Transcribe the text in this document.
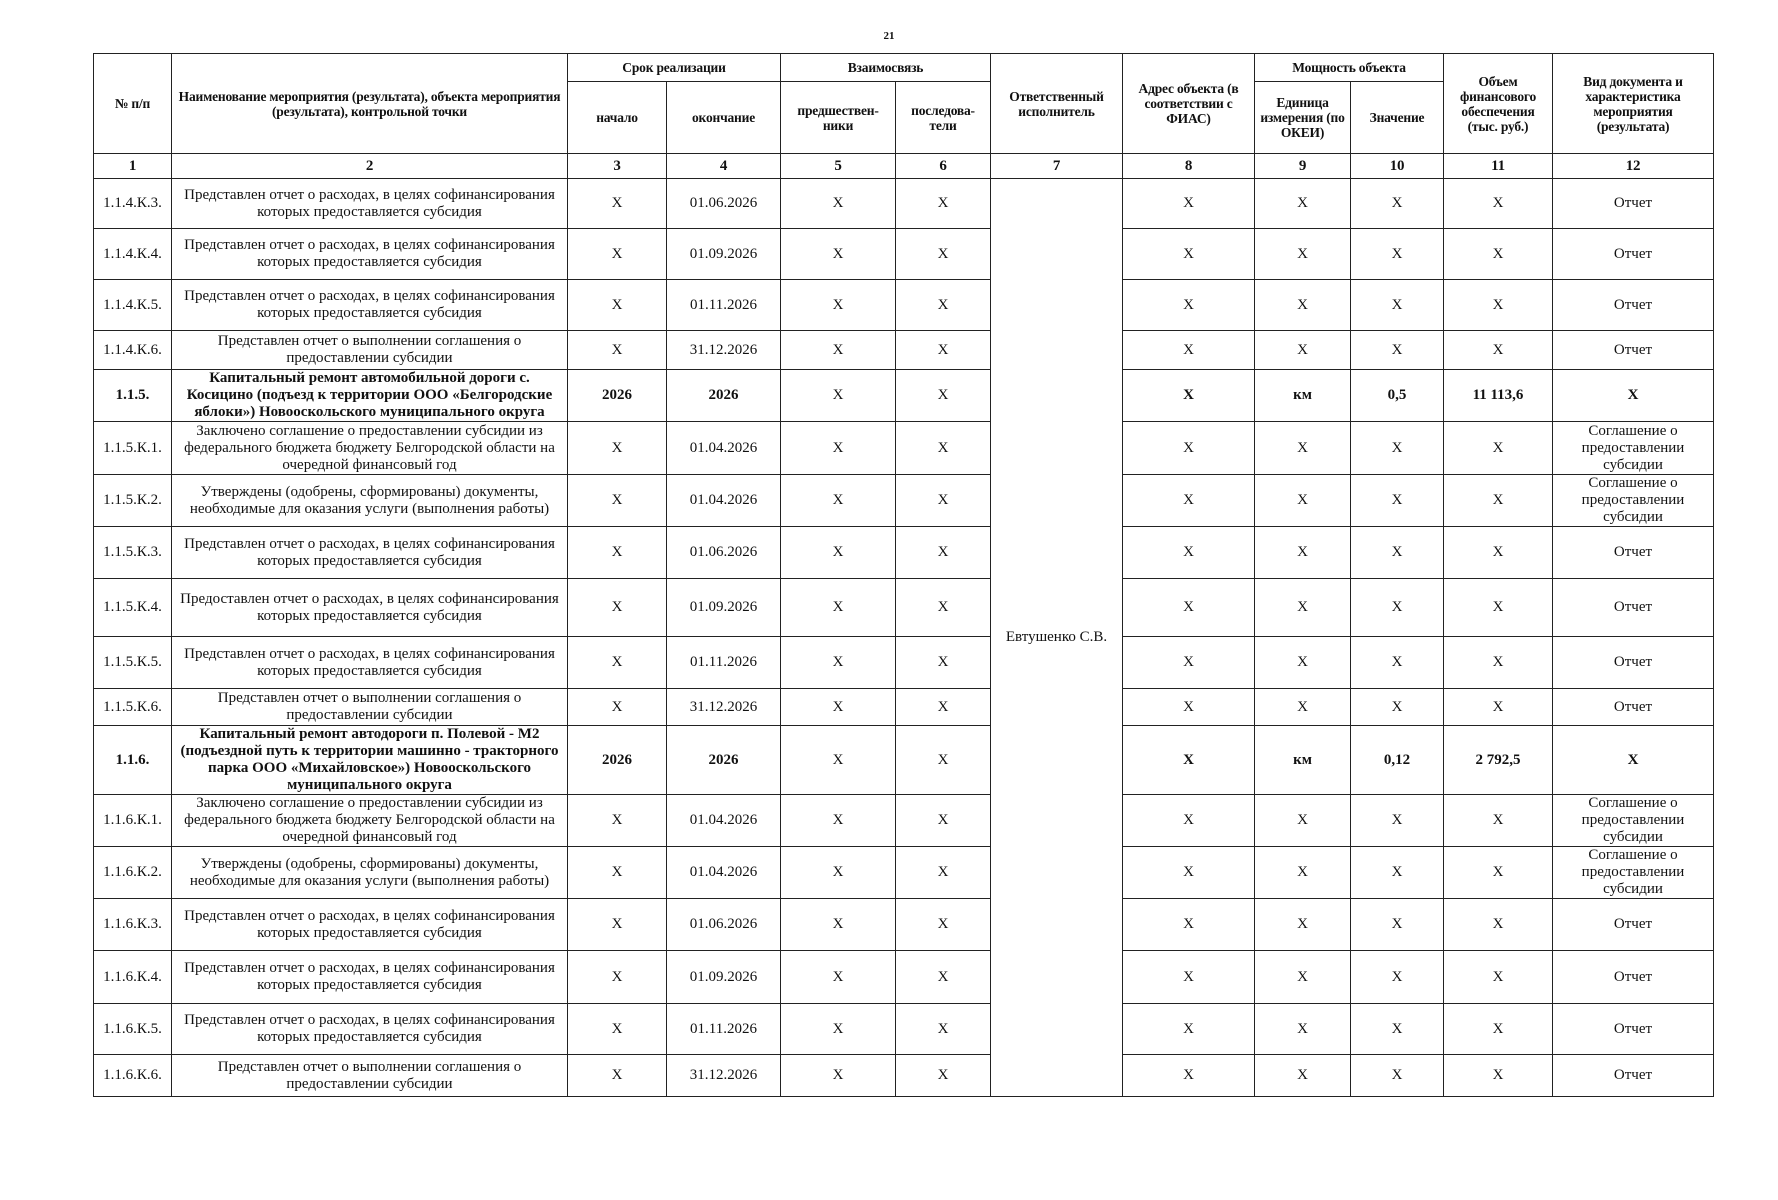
21
№ п/п	Наименование мероприятия (результата), объекта мероприятия (результата), контрольной точки	Срок реализации		Взаимосвязь		Ответственный исполнитель	Адрес объекта (в соответствии с ФИАС)	Мощность объекта		Объем финансового обеспечения (тыс. руб.)	Вид документа и характеристика мероприятия (результата)
		начало	окончание	предшествен-ники	последова-тели			Единица измерения (по ОКЕИ)	Значение		
1	2	3	4	5	6	7	8	9	10	11	12
1.1.4.К.3.	Представлен отчет о расходах, в целях софинансирования которых предоставляется субсидия	X	01.06.2026	X	X	Евтушенко С.В.	X	X	X	X	Отчет
1.1.4.К.4.	Представлен отчет о расходах, в целях софинансирования которых предоставляется субсидия	X	01.09.2026	X	X		X	X	X	X	Отчет
1.1.4.К.5.	Представлен отчет о расходах, в целях софинансирования которых предоставляется субсидия	X	01.11.2026	X	X		X	X	X	X	Отчет
1.1.4.К.6.	Представлен отчет о выполнении соглашения о предоставлении субсидии	X	31.12.2026	X	X		X	X	X	X	Отчет
1.1.5.	Капитальный ремонт автомобильной дороги с. Косицино (подъезд к территории ООО «Белгородские яблоки») Новооскольского муниципального округа	2026	2026	X	X		X	км	0,5	11 113,6	X
1.1.5.К.1.	Заключено соглашение о предоставлении субсидии из федерального бюджета бюджету Белгородской области на очередной финансовый год	X	01.04.2026	X	X		X	X	X	X	Соглашение о предоставлении субсидии
1.1.5.К.2.	Утверждены (одобрены, сформированы) документы, необходимые для оказания услуги (выполнения работы)	X	01.04.2026	X	X		X	X	X	X	Соглашение о предоставлении субсидии
1.1.5.К.3.	Представлен отчет о расходах, в целях софинансирования которых предоставляется субсидия	X	01.06.2026	X	X		X	X	X	X	Отчет
1.1.5.К.4.	Предоставлен отчет о расходах, в целях софинансирования которых предоставляется субсидия	X	01.09.2026	X	X		X	X	X	X	Отчет
1.1.5.К.5.	Представлен отчет о расходах, в целях софинансирования которых предоставляется субсидия	X	01.11.2026	X	X		X	X	X	X	Отчет
1.1.5.К.6.	Представлен отчет о выполнении соглашения о предоставлении субсидии	X	31.12.2026	X	X		X	X	X	X	Отчет
1.1.6.	Капитальный ремонт автодороги п. Полевой - М2 (подъездной путь к территории машинно - тракторного парка ООО «Михайловское») Новооскольского муниципального округа	2026	2026	X	X		X	км	0,12	2 792,5	X
1.1.6.К.1.	Заключено соглашение о предоставлении субсидии из федерального бюджета бюджету Белгородской области на очередной финансовый год	X	01.04.2026	X	X		X	X	X	X	Соглашение о предоставлении субсидии
1.1.6.К.2.	Утверждены (одобрены, сформированы) документы, необходимые для оказания услуги (выполнения работы)	X	01.04.2026	X	X		X	X	X	X	Соглашение о предоставлении субсидии
1.1.6.К.3.	Представлен отчет о расходах, в целях софинансирования которых предоставляется субсидия	X	01.06.2026	X	X		X	X	X	X	Отчет
1.1.6.К.4.	Представлен отчет о расходах, в целях софинансирования которых предоставляется субсидия	X	01.09.2026	X	X		X	X	X	X	Отчет
1.1.6.К.5.	Представлен отчет о расходах, в целях софинансирования которых предоставляется субсидия	X	01.11.2026	X	X		X	X	X	X	Отчет
1.1.6.К.6.	Представлен отчет о выполнении соглашения о предоставлении субсидии	X	31.12.2026	X	X		X	X	X	X	Отчет
